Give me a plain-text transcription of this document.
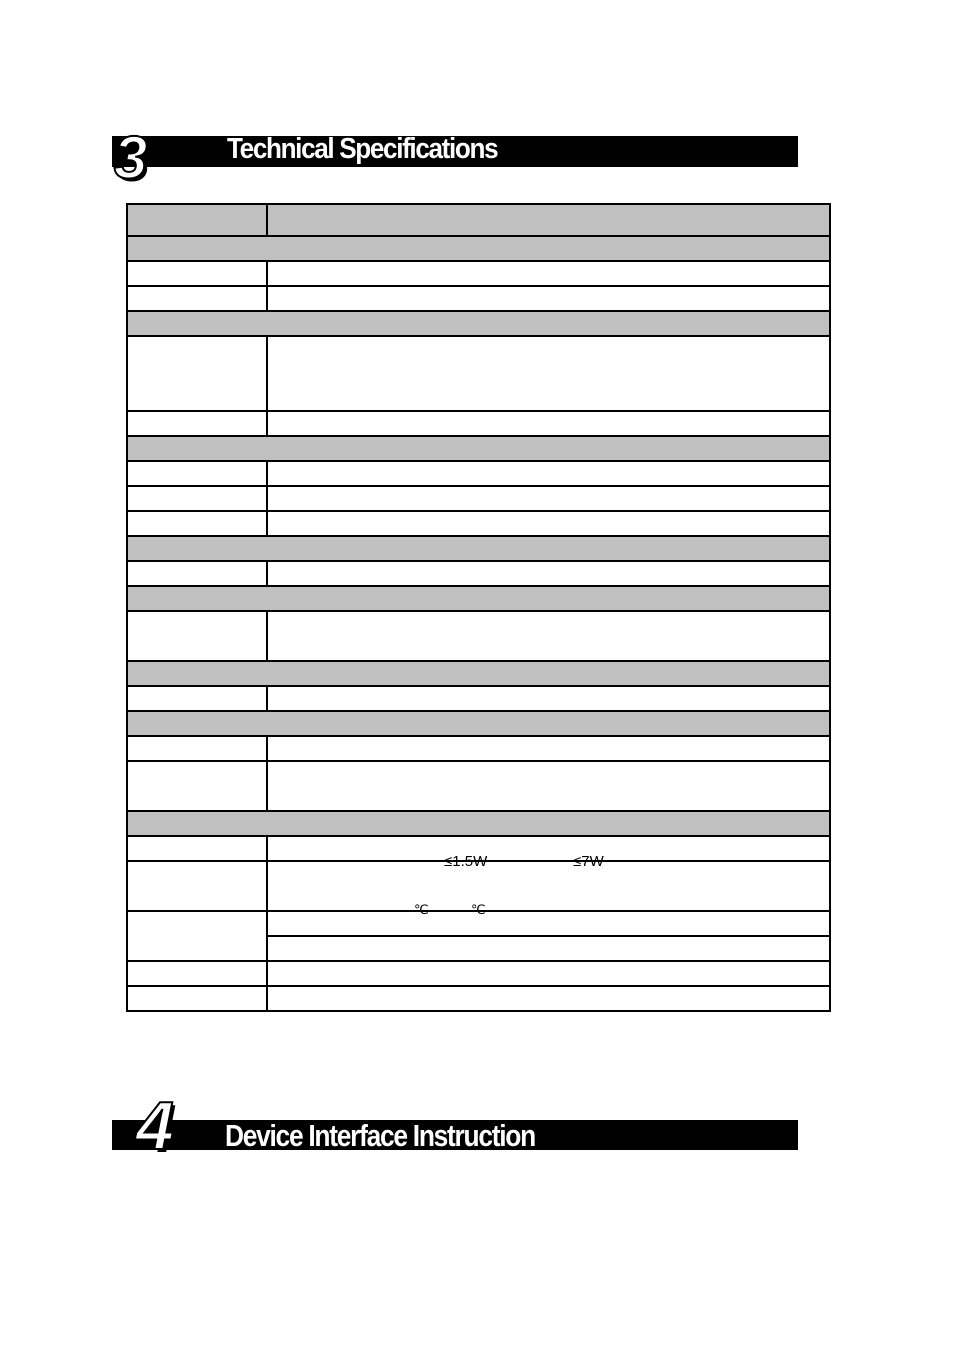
3	Technical Specifications

	≤1.5W ≤7W

	℃ ℃

4 Device Interface Instruction
